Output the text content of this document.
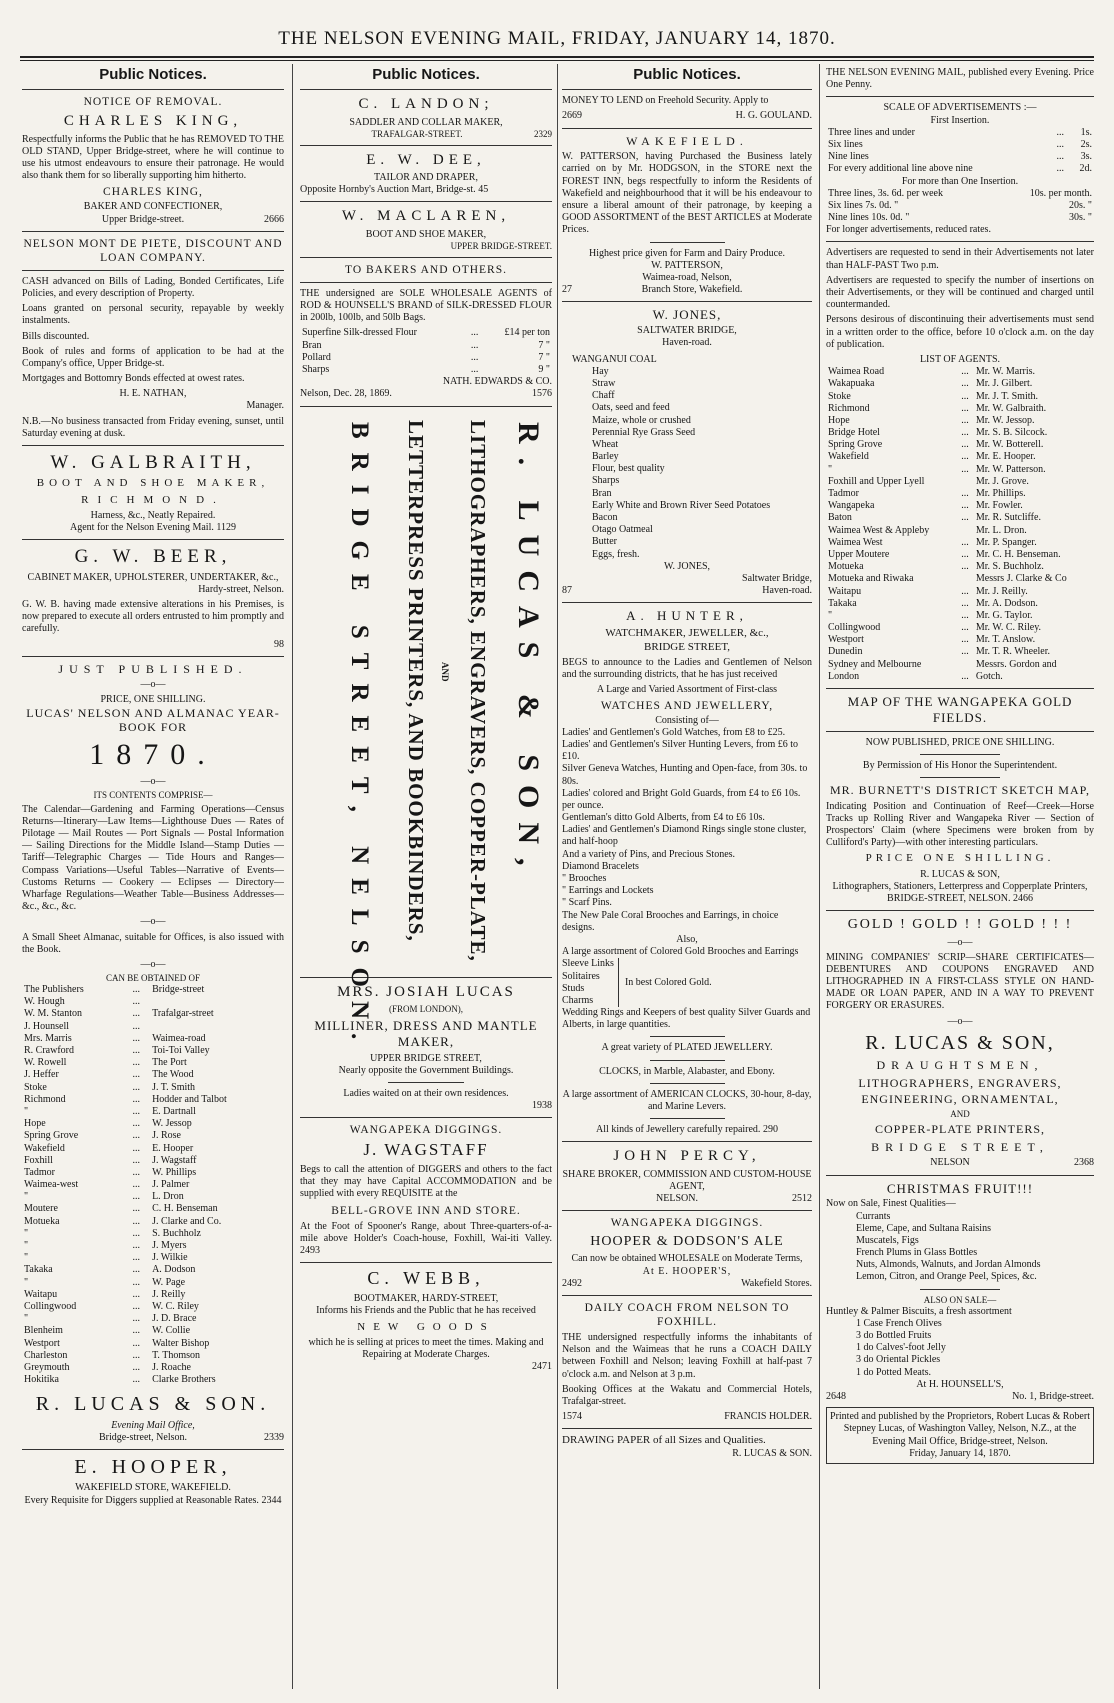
THE NELSON EVENING MAIL, FRIDAY, JANUARY 14, 1870.
Public Notices.
NOTICE OF REMOVAL.
CHARLES KING,

Respectfully informs the Public that he has REMOVED TO THE OLD STAND, Upper Bridge-street, where he will continue to use his utmost endeavours to ensure their patronage. He would also thank them for so liberally supporting him hitherto.

CHARLES KING,
BAKER AND CONFECTIONER,
Upper Bridge-street.	2666
NELSON MONT DE PIETE, DISCOUNT AND LOAN COMPANY.

CASH advanced on Bills of Lading, Bonded Certificates, Life Policies, and every description of Property.

Loans granted on personal security, repayable by weekly instalments.

Bills discounted.

Book of rules and forms of application to be had at the Company's office, Upper Bridge-st.

Mortgages and Bottomry Bonds effected at owest rates.

H. E. NATHAN,
Manager.

N.B.—No business transacted from Friday evening, sunset, until Saturday evening at dusk.

W. GALBRAITH,
BOOT AND SHOE MAKER,
RICHMOND.
Harness, &c., Neatly Repaired.
Agent for the Nelson Evening Mail. 1129
G. W. BEER,
CABINET MAKER, UPHOLSTERER, UNDERTAKER, &c.,
Hardy-street, Nelson.

G. W. B. having made extensive alterations in his Premises, is now prepared to execute all orders entrusted to him promptly and carefully.

98
JUST PUBLISHED.
—o—
PRICE, ONE SHILLING.
LUCAS' NELSON AND ALMANAC YEAR-BOOK FOR
1870.
—o—
ITS CONTENTS COMPRISE—

The Calendar—Gardening and Farming Operations—Census Returns—Itinerary—Law Items—Lighthouse Dues — Rates of Pilotage — Mail Routes — Port Signals — Postal Information — Sailing Directions for the Middle Island—Stamp Duties — Tariff—Telegraphic Charges — Tide Hours and Ranges—Compass Variations—Useful Tables—Narrative of Events—Customs Returns — Cookery — Eclipses — Directory— Wharfage Regulations—Weather Table—Business Addresses—&c., &c., &c.

—o—

A Small Sheet Almanac, suitable for Offices, is also issued with the Book.

—o—
CAN BE OBTAINED OF
The Publishers	...	Bridge-street
W. Hough	...	
W. M. Stanton	...	Trafalgar-street
J. Hounsell	...	
Mrs. Marris	...	Waimea-road
R. Crawford	...	Toi-Toi Valley
W. Rowell	...	The Port
J. Heffer	...	The Wood
Stoke	...	J. T. Smith
Richmond	...	Hodder and Talbot
"	...	E. Dartnall
Hope	...	W. Jessop
Spring Grove	...	J. Rose
Wakefield	...	E. Hooper
Foxhill	...	J. Wagstaff
Tadmor	...	W. Phillips
Waimea-west	...	J. Palmer
"	...	L. Dron
Moutere	...	C. H. Benseman
Motueka	...	J. Clarke and Co.
"	...	S. Buchholz
"	...	J. Myers
"	...	J. Wilkie
Takaka	...	A. Dodson
"	...	W. Page
Waitapu	...	J. Reilly
Collingwood	...	W. C. Riley
"	...	J. D. Brace
Blenheim	...	W. Collie
Westport	...	Walter Bishop
Charleston	...	T. Thomson
Greymouth	...	J. Roache
Hokitika	...	Clarke Brothers
R. LUCAS & SON.
Evening Mail Office,
Bridge-street, Nelson.	2339
E. HOOPER,
WAKEFIELD STORE, WAKEFIELD.
Every Requisite for Diggers supplied at Reasonable Rates. 2344
Public Notices.
C. LANDON;
SADDLER AND COLLAR MAKER,
TRAFALGAR-STREET.	2329
E. W. DEE,
TAILOR AND DRAPER,
Opposite Hornby's Auction Mart, Bridge-st. 45
W. MACLAREN,
BOOT AND SHOE MAKER,
UPPER BRIDGE-STREET.
TO BAKERS AND OTHERS.

THE undersigned are SOLE WHOLESALE AGENTS of ROD & HOUNSELL'S BRAND of SILK-DRESSED FLOUR in 200lb, 100lb, and 50lb Bags.

Superfine Silk-dressed Flour	...	£14 per ton
Bran	...	7 "
Pollard	...	7 "
Sharps	...	9 "
NATH. EDWARDS & CO.
Nelson, Dec. 28, 1869.	1576
R. LUCAS & SON,
LITHOGRAPHERS, ENGRAVERS, COPPER-PLATE,
AND
LETTERPRESS PRINTERS, AND BOOKBINDERS,
BRIDGE STREET, NELSON.
MRS. JOSIAH LUCAS
(FROM LONDON),
MILLINER, DRESS AND MANTLE MAKER,
UPPER BRIDGE STREET,
Nearly opposite the Government Buildings.
Ladies waited on at their own residences.
1938
WANGAPEKA DIGGINGS.
J. WAGSTAFF

Begs to call the attention of DIGGERS and others to the fact that they may have Capital ACCOMMODATION and be supplied with every REQUISITE at the

BELL-GROVE INN AND STORE.

At the Foot of Spooner's Range, about Three-quarters-of-a-mile above Holder's Coach-house, Foxhill, Wai-iti Valley. 2493

C. WEBB,
BOOTMAKER, HARDY-STREET,
Informs his Friends and the Public that he has received
NEW GOODS
which he is selling at prices to meet the times. Making and Repairing at Moderate Charges.
2471
Public Notices.

MONEY TO LEND on Freehold Security. Apply to

2669	H. G. GOULAND.
WAKEFIELD.

W. PATTERSON, having Purchased the Business lately carried on by Mr. HODGSON, in the STORE next the FOREST INN, begs respectfully to inform the Residents of Wakefield and neighbourhood that it will be his endeavour to ensure a liberal amount of their patronage, by keeping a GOOD ASSORTMENT of the BEST ARTICLES at Moderate Prices.

Highest price given for Farm and Dairy Produce.
W. PATTERSON,
Waimea-road, Nelson,
27	Branch Store, Wakefield.
W. JONES,
SALTWATER BRIDGE,
Haven-road.
WANGANUI COAL
Hay
Straw
Chaff
Oats, seed and feed
Maize, whole or crushed
Perennial Rye Grass Seed
Wheat
Barley
Flour, best quality
Sharps
Bran
Early White and Brown River Seed Potatoes
Bacon
Otago Oatmeal
Butter
Eggs, fresh.
W. JONES,
Saltwater Bridge,
87	Haven-road.
A. HUNTER,
WATCHMAKER, JEWELLER, &c.,
BRIDGE STREET,

BEGS to announce to the Ladies and Gentlemen of Nelson and the surrounding districts, that he has just received

A Large and Varied Assortment of First-class
WATCHES AND JEWELLERY,
Consisting of—
Ladies' and Gentlemen's Gold Watches, from £8 to £25.
Ladies' and Gentlemen's Silver Hunting Levers, from £6 to £10.
Silver Geneva Watches, Hunting and Open-face, from 30s. to 80s.
Ladies' colored and Bright Gold Guards, from £4 to £6 10s. per ounce.
Gentleman's ditto Gold Alberts, from £4 to £6 10s.
Ladies' and Gentlemen's Diamond Rings single stone cluster, and half-hoop
And a variety of Pins, and Precious Stones.
Diamond Bracelets
" Brooches
" Earrings and Lockets
" Scarf Pins.
The New Pale Coral Brooches and Earrings, in choice designs.
Also,
A large assortment of Colored Gold Brooches and Earrings
Sleeve Links
Solitaires
Studs
Charms
In best Colored Gold.
Wedding Rings and Keepers of best quality Silver Guards and Alberts, in large quantities.
A great variety of PLATED JEWELLERY.
CLOCKS, in Marble, Alabaster, and Ebony.
A large assortment of AMERICAN CLOCKS, 30-hour, 8-day, and Marine Levers.
All kinds of Jewellery carefully repaired. 290
JOHN PERCY,
SHARE BROKER, COMMISSION AND CUSTOM-HOUSE AGENT,
NELSON.	2512
WANGAPEKA DIGGINGS.
HOOPER & DODSON'S ALE
Can now be obtained WHOLESALE on Moderate Terms,
At E. HOOPER'S,
2492	Wakefield Stores.
DAILY COACH FROM NELSON TO FOXHILL.

THE undersigned respectfully informs the inhabitants of Nelson and the Waimeas that he runs a COACH DAILY between Foxhill and Nelson; leaving Foxhill at half-past 7 o'clock a.m. and Nelson at 3 p.m.

Booking Offices at the Wakatu and Commercial Hotels, Trafalgar-street.

1574	FRANCIS HOLDER.
DRAWING PAPER of all Sizes and Qualities.
R. LUCAS & SON.

THE NELSON EVENING MAIL, published every Evening. Price One Penny.

SCALE OF ADVERTISEMENTS :—
First Insertion.
Three lines and under	...	1s.
Six lines	...	2s.
Nine lines	...	3s.
For every additional line above nine	...	2d.
For more than One Insertion.
Three lines, 3s. 6d. per week	10s. per month.
Six lines 7s. 0d. "	20s. "
Nine lines 10s. 0d. "	30s. "
For longer advertisements, reduced rates.

Advertisers are requested to send in their Advertisements not later than HALF-PAST Two p.m.

Advertisers are requested to specify the number of insertions on their Advertisements, or they will be continued and charged until countermanded.

Persons desirous of discontinuing their advertisements must send in a written order to the office, before 10 o'clock a.m. on the day of publication.

LIST OF AGENTS.
Waimea Road	...	Mr. W. Marris.
Wakapuaka	...	Mr. J. Gilbert.
Stoke	...	Mr. J. T. Smith.
Richmond	...	Mr. W. Galbraith.
Hope	...	Mr. W. Jessop.
Bridge Hotel	...	Mr. S. B. Silcock.
Spring Grove	...	Mr. W. Botterell.
Wakefield	...	Mr. E. Hooper.
"	...	Mr. W. Patterson.
Foxhill and Upper Lyell		Mr. J. Grove.
Tadmor	...	Mr. Phillips.
Wangapeka	...	Mr. Fowler.
Baton	...	Mr. R. Sutcliffe.
Waimea West & Appleby		Mr. L. Dron.
Waimea West	...	Mr. P. Spanger.
Upper Moutere	...	Mr. C. H. Benseman.
Motueka	...	Mr. S. Buchholz.
Motueka and Riwaka		Messrs J. Clarke & Co
Waitapu	...	Mr. J. Reilly.
Takaka	...	Mr. A. Dodson.
"	...	Mr. G. Taylor.
Collingwood	...	Mr. W. C. Riley.
Westport	...	Mr. T. Anslow.
Dunedin	...	Mr. T. R. Wheeler.
Sydney and Melbourne		Messrs. Gordon and
London	...	Gotch.
MAP OF THE WANGAPEKA GOLD FIELDS.
NOW PUBLISHED, PRICE ONE SHILLING.
By Permission of His Honor the Superintendent.
MR. BURNETT'S DISTRICT SKETCH MAP,

Indicating Position and Continuation of Reef—Creek—Horse Tracks up Rolling River and Wangapeka River — Section of Prospectors' Claim (where Specimens were broken from by Culliford's Party)—with other interesting particulars.

PRICE ONE SHILLING.
R. LUCAS & SON,
Lithographers, Stationers, Letterpress and Copperplate Printers,
BRIDGE-STREET, NELSON. 2466
GOLD ! GOLD ! ! GOLD ! ! !
—o—

MINING COMPANIES' SCRIP—SHARE CERTIFICATES—DEBENTURES AND COUPONS ENGRAVED AND LITHOGRAPHED IN A FIRST-CLASS STYLE ON HAND-MADE OR LOAN PAPER, AND IN A WAY TO PREVENT FORGERY OR ERASURES.

—o—
R. LUCAS & SON,
DRAUGHTSMEN,
LITHOGRAPHERS, ENGRAVERS,
ENGINEERING, ORNAMENTAL,
AND
COPPER-PLATE PRINTERS,
BRIDGE STREET,
NELSON	2368
CHRISTMAS FRUIT!!!
Now on Sale, Finest Qualities—
Currants
Eleme, Cape, and Sultana Raisins
Muscatels, Figs
French Plums in Glass Bottles
Nuts, Almonds, Walnuts, and Jordan Almonds
Lemon, Citron, and Orange Peel, Spices, &c.
ALSO ON SALE—
Huntley & Palmer Biscuits, a fresh assortment
1 Case French Olives
3 do Bottled Fruits
1 do Calves'-foot Jelly
3 do Oriental Pickles
1 do Potted Meats.
At H. HOUNSELL'S,
2648	No. 1, Bridge-street.
Printed and published by the Proprietors, Robert Lucas & Robert Stepney Lucas, of Washington Valley, Nelson, N.Z., at the Evening Mail Office, Bridge-street, Nelson.
Friday, January 14, 1870.
